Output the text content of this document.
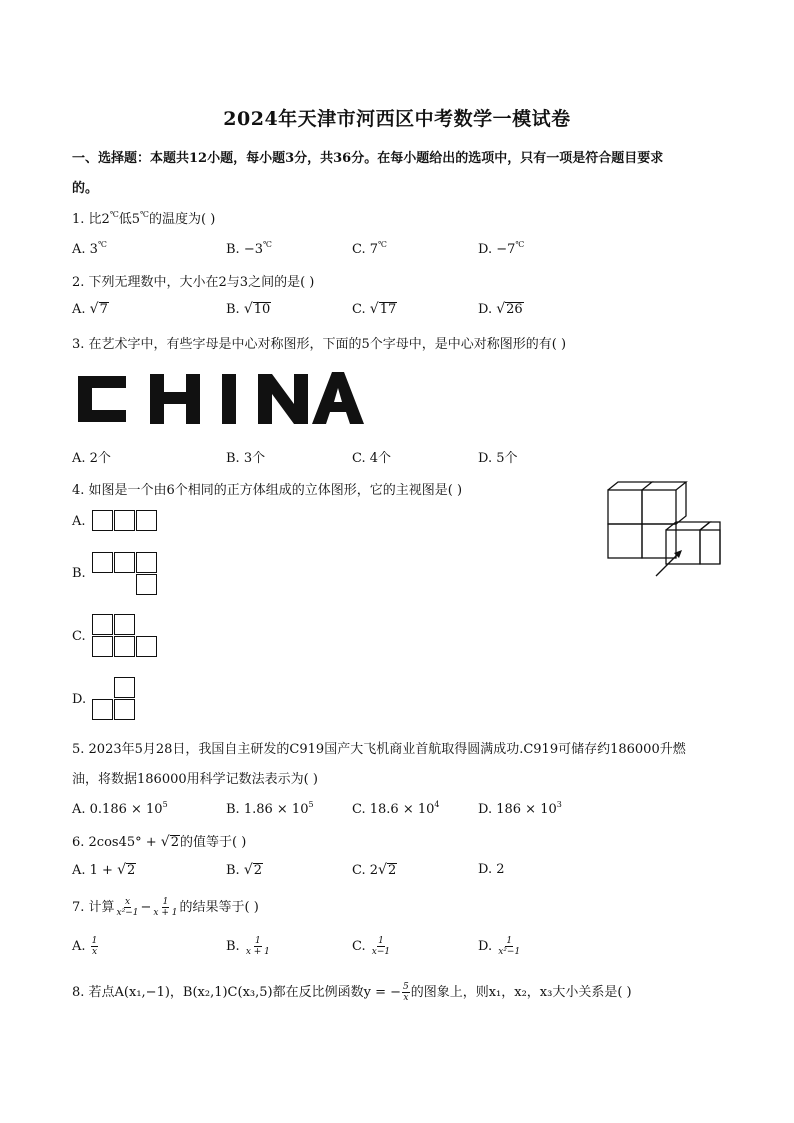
2024年天津市河西区中考数学一模试卷
一、选择题：本题共12小题，每小题3分，共36分。在每小题给出的选项中，只有一项是符合题目要求
的。
1. 比2℃低5℃的温度为( )
A. 3℃	B. −3℃	C. 7℃	D. −7℃
2. 下列无理数中，大小在2与3之间的是( )
A. √7	B. √10	C. √17	D. √26
3. 在艺术字中，有些字母是中心对称图形，下面的5个字母中，是中心对称图形的有( )
A. 2个	B. 3个	C. 4个	D. 5个
4. 如图是一个由6个相同的正方体组成的立体图形，它的主视图是( )
A.
B.
C.
D.
5. 2023年5月28日，我国自主研发的C919国产大飞机商业首航取得圆满成功.C919可储存约186000升燃
油，将数据186000用科学记数法表示为( )
A. $0.186 \times 10^5$	B. $1.86 \times 10^5$	C. $18.6 \times 10^4$	D. $186 \times 10^3$
6. 2cos45° + √2的值等于( )
A. 1 + √2	B. √2	C. 2√2	D. 2
7. 计算 $\frac{x}{\text{x²−1}} - \frac{1}{x + 1}$ 的结果等于( )
A. $\frac{1}{x}$	B. $\frac{1}{x + 1}$	C. $\frac{1}{x-1}$	D. $\frac{1}{\text{x²−1}}$
8. 若点A(x₁,−1)，B(x₂,1)C(x₃,5)都在反比例函数y = − $\frac{5}{x}$ 的图象上，则x₁，x₂，x₃大小关系是( )
